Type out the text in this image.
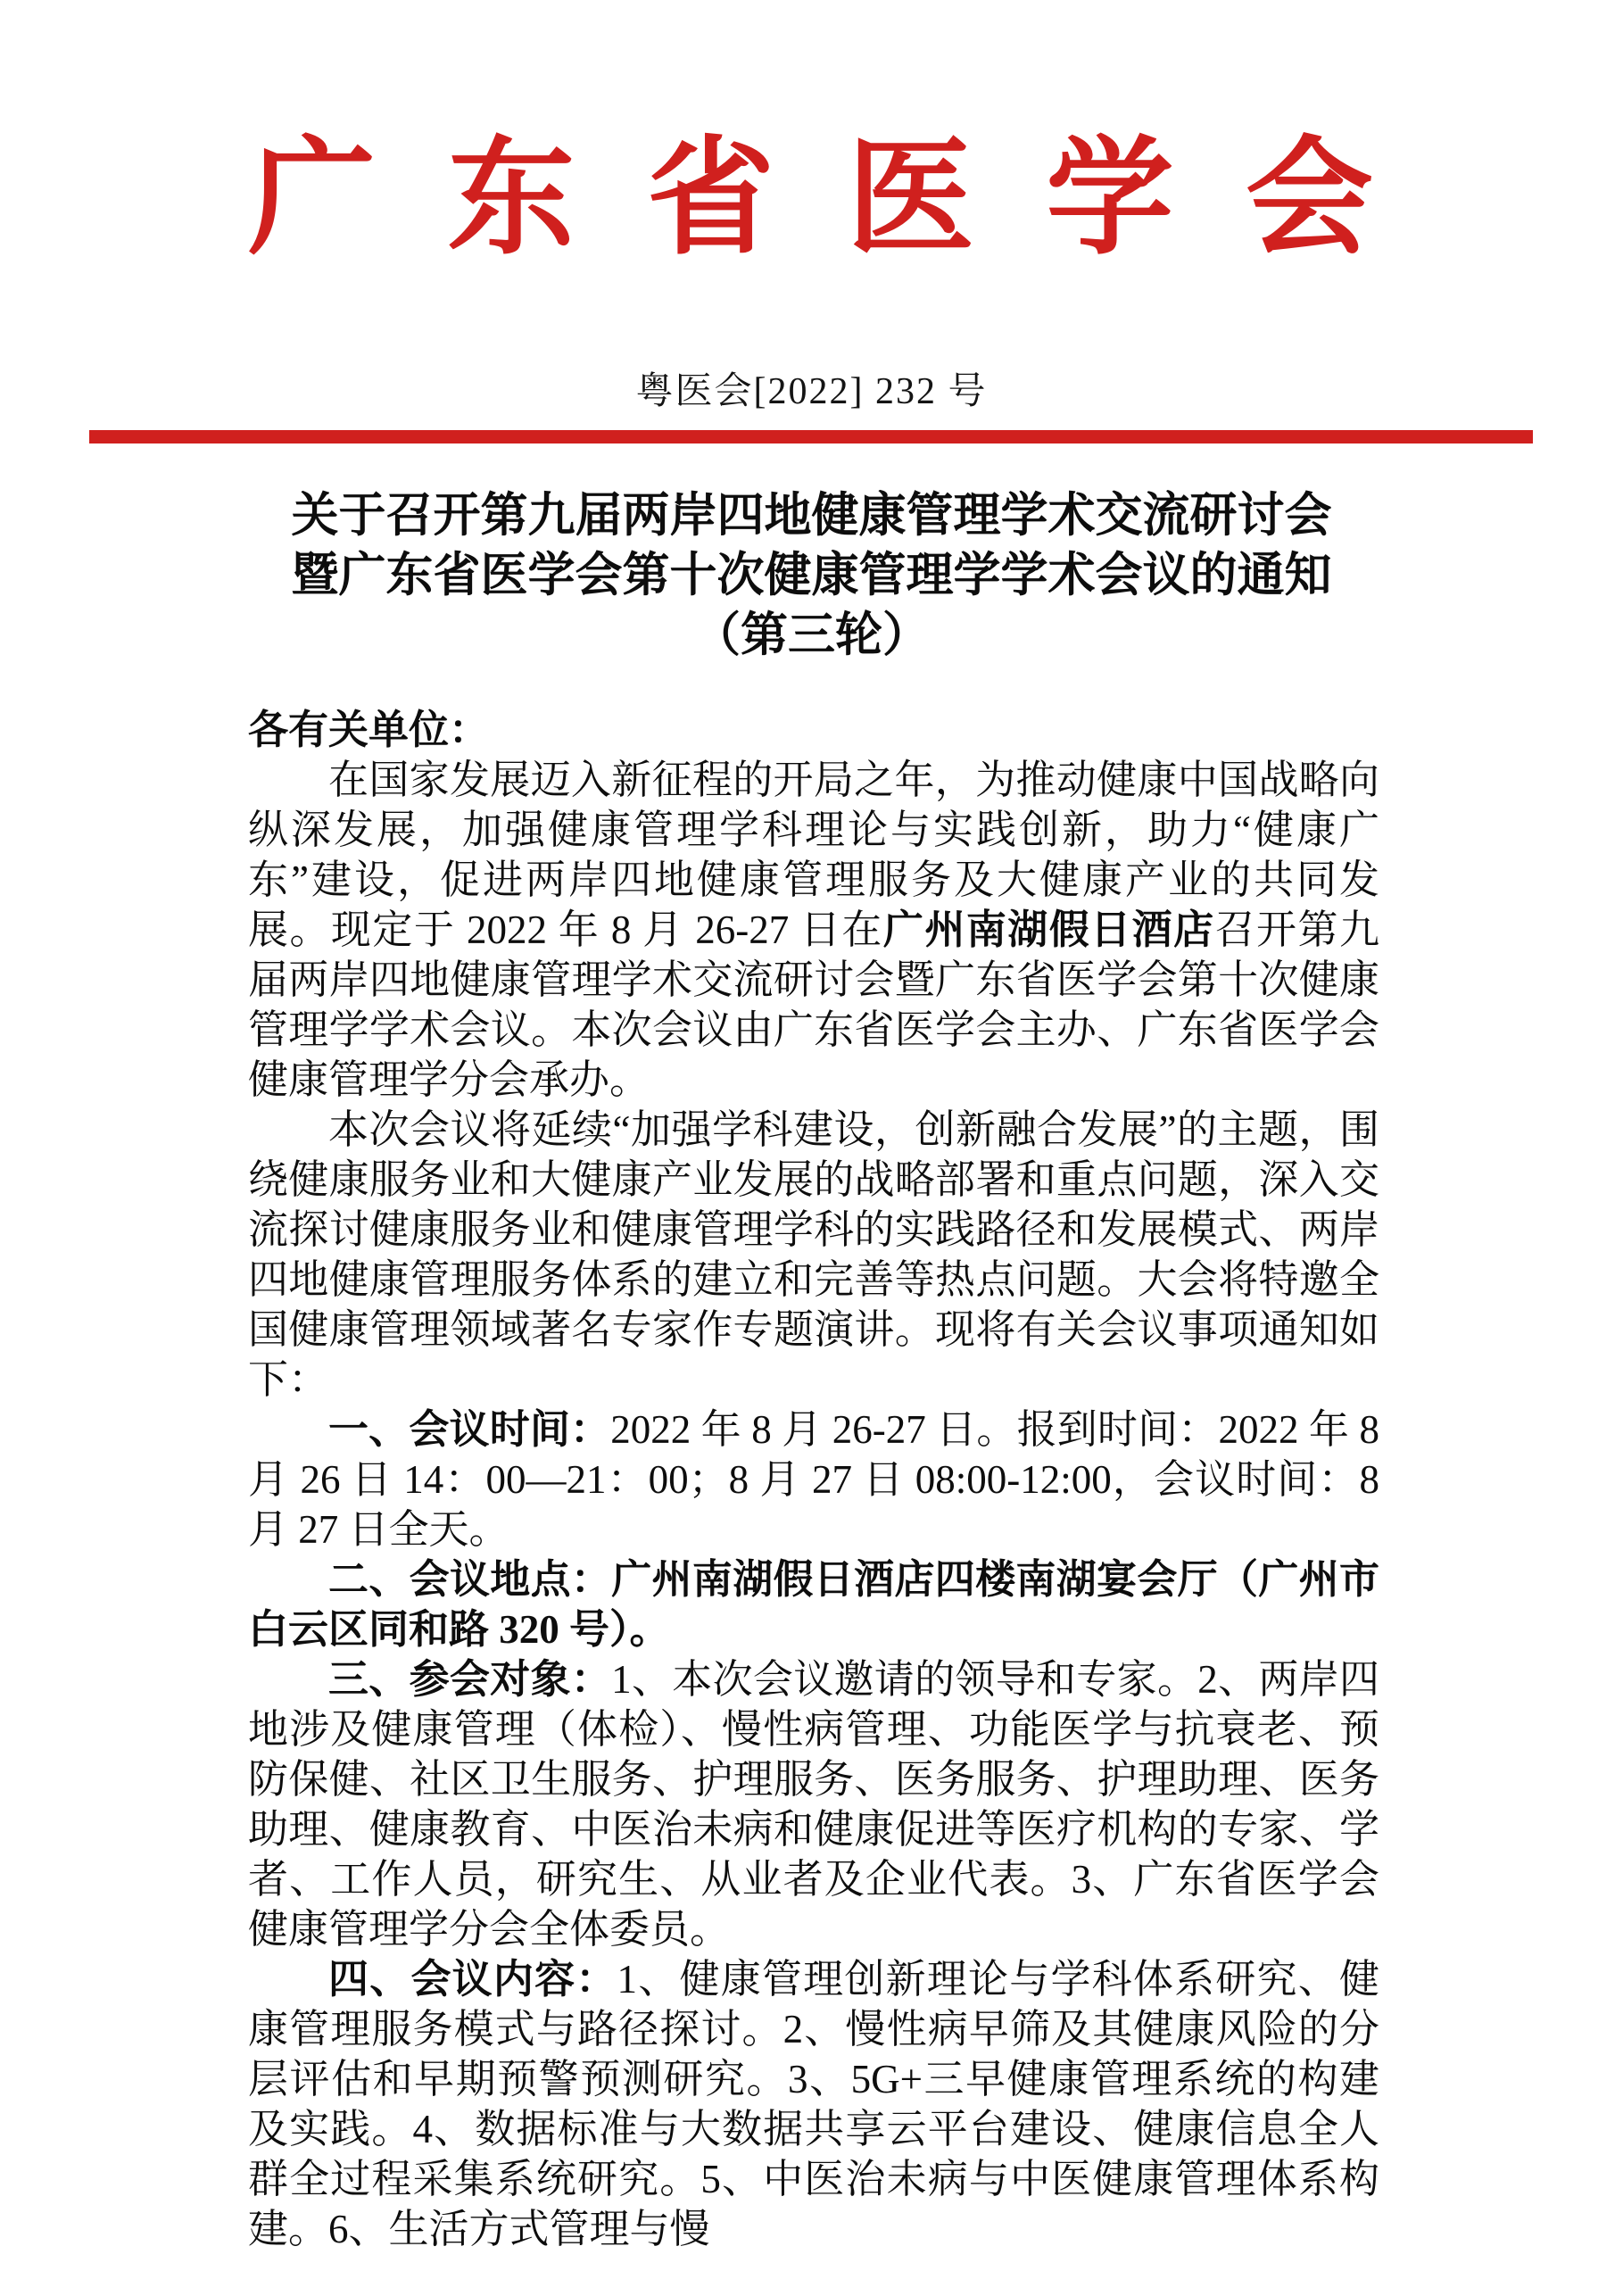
广 东 省 医 学 会
粤医会[2022] 232 号
关于召开第九届两岸四地健康管理学术交流研讨会
暨广东省医学会第十次健康管理学学术会议的通知
（第三轮）

各有关单位：

在国家发展迈入新征程的开局之年，为推动健康中国战略向纵深发展，加强健康管理学科理论与实践创新，助力“健康广东”建设，促进两岸四地健康管理服务及大健康产业的共同发展。现定于 2022 年 8 月 26-27 日在广州南湖假日酒店召开第九届两岸四地健康管理学术交流研讨会暨广东省医学会第十次健康管理学学术会议。本次会议由广东省医学会主办、广东省医学会健康管理学分会承办。

本次会议将延续“加强学科建设，创新融合发展”的主题，围绕健康服务业和大健康产业发展的战略部署和重点问题，深入交流探讨健康服务业和健康管理学科的实践路径和发展模式、两岸四地健康管理服务体系的建立和完善等热点问题。大会将特邀全国健康管理领域著名专家作专题演讲。现将有关会议事项通知如下：

一、会议时间：2022 年 8 月 26-27 日。报到时间：2022 年 8 月 26 日 14：00—21：00；8 月 27 日 08:00-12:00，会议时间：8 月 27 日全天。

二、会议地点：广州南湖假日酒店四楼南湖宴会厅（广州市白云区同和路 320 号）。

三、参会对象：1、本次会议邀请的领导和专家。2、两岸四地涉及健康管理（体检）、慢性病管理、功能医学与抗衰老、预防保健、社区卫生服务、护理服务、医务服务、护理助理、医务助理、健康教育、中医治未病和健康促进等医疗机构的专家、学者、工作人员，研究生、从业者及企业代表。3、广东省医学会健康管理学分会全体委员。

四、会议内容：1、健康管理创新理论与学科体系研究、健康管理服务模式与路径探讨。2、慢性病早筛及其健康风险的分层评估和早期预警预测研究。3、5G+三早健康管理系统的构建及实践。4、数据标准与大数据共享云平台建设、健康信息全人群全过程采集系统研究。5、中医治未病与中医健康管理体系构建。6、生活方式管理与慢
